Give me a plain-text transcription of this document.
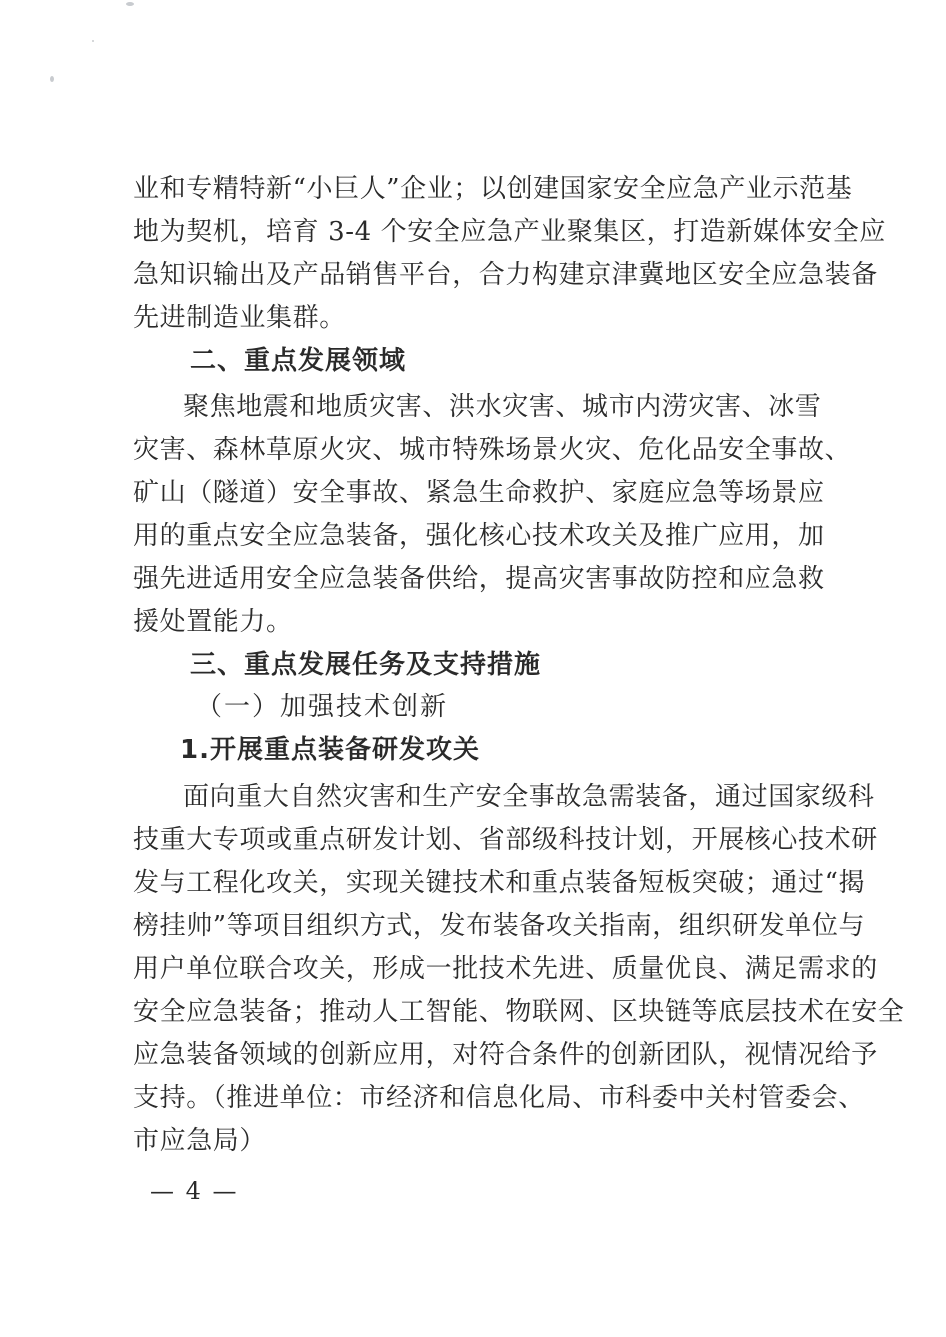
业和专精特新“小巨人”企业；以创建国家安全应急产业示范基
地为契机，培育 3-4 个安全应急产业聚集区，打造新媒体安全应
急知识输出及产品销售平台，合力构建京津冀地区安全应急装备
先进制造业集群。
二、重点发展领域
聚焦地震和地质灾害、洪水灾害、城市内涝灾害、冰雪
灾害、森林草原火灾、城市特殊场景火灾、危化品安全事故、
矿山（隧道）安全事故、紧急生命救护、家庭应急等场景应
用的重点安全应急装备，强化核心技术攻关及推广应用，加
强先进适用安全应急装备供给，提高灾害事故防控和应急救
援处置能力。
三、重点发展任务及支持措施
（一）加强技术创新
1.开展重点装备研发攻关
面向重大自然灾害和生产安全事故急需装备，通过国家级科
技重大专项或重点研发计划、省部级科技计划，开展核心技术研
发与工程化攻关，实现关键技术和重点装备短板突破；通过“揭
榜挂帅”等项目组织方式，发布装备攻关指南，组织研发单位与
用户单位联合攻关，形成一批技术先进、质量优良、满足需求的
安全应急装备；推动人工智能、物联网、区块链等底层技术在安全
应急装备领域的创新应用，对符合条件的创新团队，视情况给予
支持。（推进单位：市经济和信息化局、市科委中关村管委会、
市应急局）
— 4 —
